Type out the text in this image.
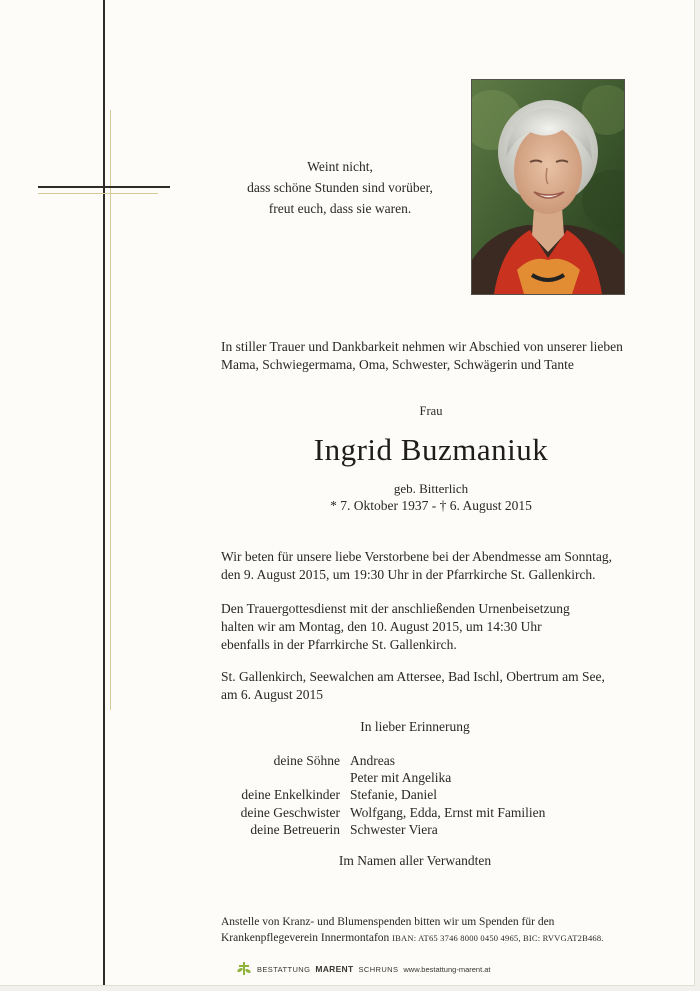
Weint nicht,
dass schöne Stunden sind vorüber,
freut euch, dass sie waren.

In stiller Trauer und Dankbarkeit nehmen wir Abschied von unserer lieben
Mama, Schwiegermama, Oma, Schwester, Schwägerin und Tante

Frau

Ingrid Buzmaniuk

geb. Bitterlich

* 7. Oktober 1937 - † 6. August 2015

Wir beten für unsere liebe Verstorbene bei der Abendmesse am Sonntag,
den 9. August 2015, um 19:30 Uhr in der Pfarrkirche St. Gallenkirch.

Den Trauergottesdienst mit der anschließenden Urnenbeisetzung
halten wir am Montag, den 10. August 2015, um 14:30 Uhr
ebenfalls in der Pfarrkirche St. Gallenkirch.

St. Gallenkirch, Seewalchen am Attersee, Bad Ischl, Obertrum am See,
am 6. August 2015

In lieber Erinnerung

deine Söhne Andreas
Peter mit Angelika
deine Enkelkinder Stefanie, Daniel
deine Geschwister Wolfgang, Edda, Ernst mit Familien
deine Betreuerin Schwester Viera

Im Namen aller Verwandten

Anstelle von Kranz- und Blumenspenden bitten wir um Spenden für den
Krankenpflegeverein Innermontafon IBAN: AT65 3746 8000 0450 4965, BIC: RVVGAT2B468.

BESTATTUNG MARENT SCHRUNS www.bestattung-marent.at
